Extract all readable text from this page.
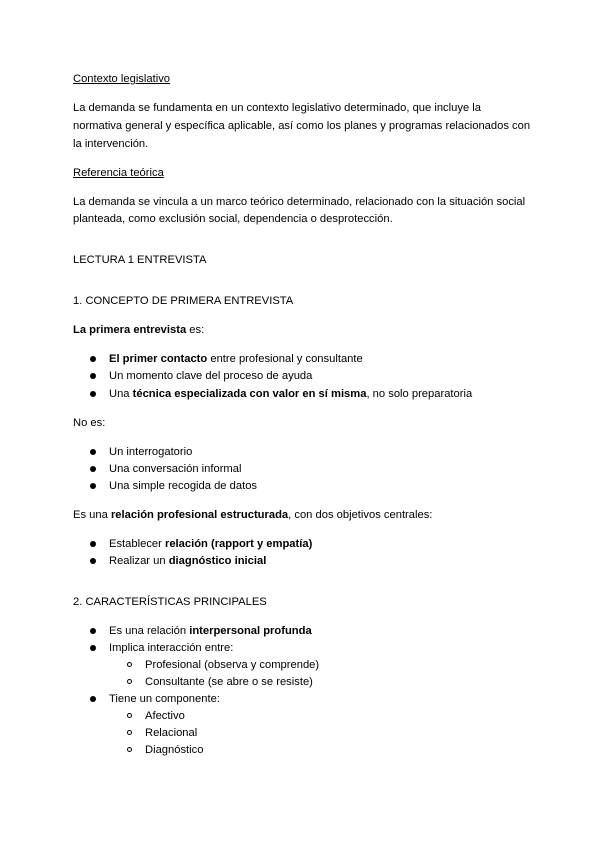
Contexto legislativo
La demanda se fundamenta en un contexto legislativo determinado, que incluye la
normativa general y específica aplicable, así como los planes y programas relacionados con
la intervención.
Referencia teórica
La demanda se vincula a un marco teórico determinado, relacionado con la situación social
planteada, como exclusión social, dependencia o desprotección.
LECTURA 1 ENTREVISTA
1. CONCEPTO DE PRIMERA ENTREVISTA
La primera entrevista es:
El primer contacto entre profesional y consultante
Un momento clave del proceso de ayuda
Una técnica especializada con valor en sí misma, no solo preparatoria
No es:
Un interrogatorio
Una conversación informal
Una simple recogida de datos
Es una relación profesional estructurada, con dos objetivos centrales:
Establecer relación (rapport y empatía)
Realizar un diagnóstico inicial
2. CARACTERÍSTICAS PRINCIPALES
Es una relación interpersonal profunda
Implica interacción entre:
Profesional (observa y comprende)
Consultante (se abre o se resiste)
Tiene un componente:
Afectivo
Relacional
Diagnóstico
